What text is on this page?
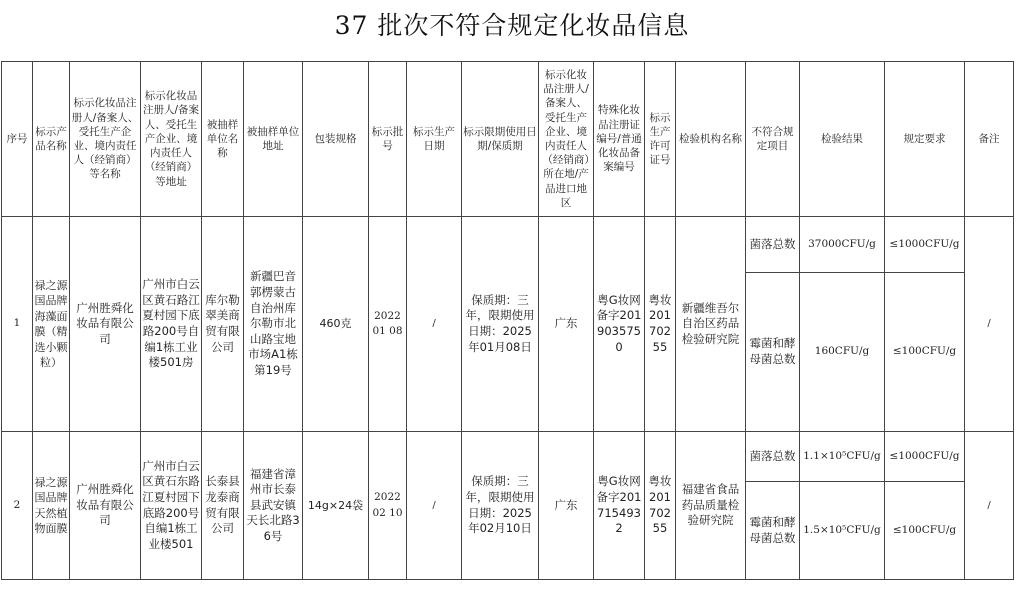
37 批次不符合规定化妆品信息
序号	标示产品名称	标示化妆品注册人/备案人、受托生产企业、境内责任人（经销商）等名称	标示化妆品注册人/备案人、受托生产企业、境内责任人（经销商）等地址	被抽样单位名称	被抽样单位地址	包装规格	标示批号	标示生产日期	标示限期使用日期/保质期	标示化妆品注册人/备案人、受托生产企业、境内责任人（经销商）所在地/产品进口地区	特殊化妆品注册证编号/普通化妆品备案编号	标示生产许可证号	检验机构名称	不符合规定项目	检验结果	规定要求	备注
1	禄之源国品牌海藻面膜（精选小颗粒）	广州胜舜化妆品有限公司	广州市白云区黄石路江夏村园下底路200号自编1栋工业楼501房	库尔勒翠美商贸有限公司	新疆巴音郭楞蒙古自治州库尔勒市北山路宝地市场A1栋第19号	460克	2022 01 08	/	保质期：三年，限期使用日期：2025年01月08日	广东	粤G妆网备字2019035750	粤妆20170255	新疆维吾尔自治区药品检验研究院	菌落总数	37000CFU/g	≤1000CFU/g	/
														霉菌和酵母菌总数	160CFU/g	≤100CFU/g	
2	禄之源国品牌天然植物面膜	广州胜舜化妆品有限公司	广州市白云区黄石东路江夏村园下底路200号自编1栋工业楼501	长泰县龙泰商贸有限公司	福建省漳州市长泰县武安镇天长北路36号	14g×24袋	2022 02 10	/	保质期：三年，限期使用日期：2025年02月10日	广东	粤G妆网备字2017154932	粤妆20170255	福建省食品药品质量检验研究院	菌落总数	1.1×10⁵CFU/g	≤1000CFU/g	/
														霉菌和酵母菌总数	1.5×10⁵CFU/g	≤100CFU/g	
